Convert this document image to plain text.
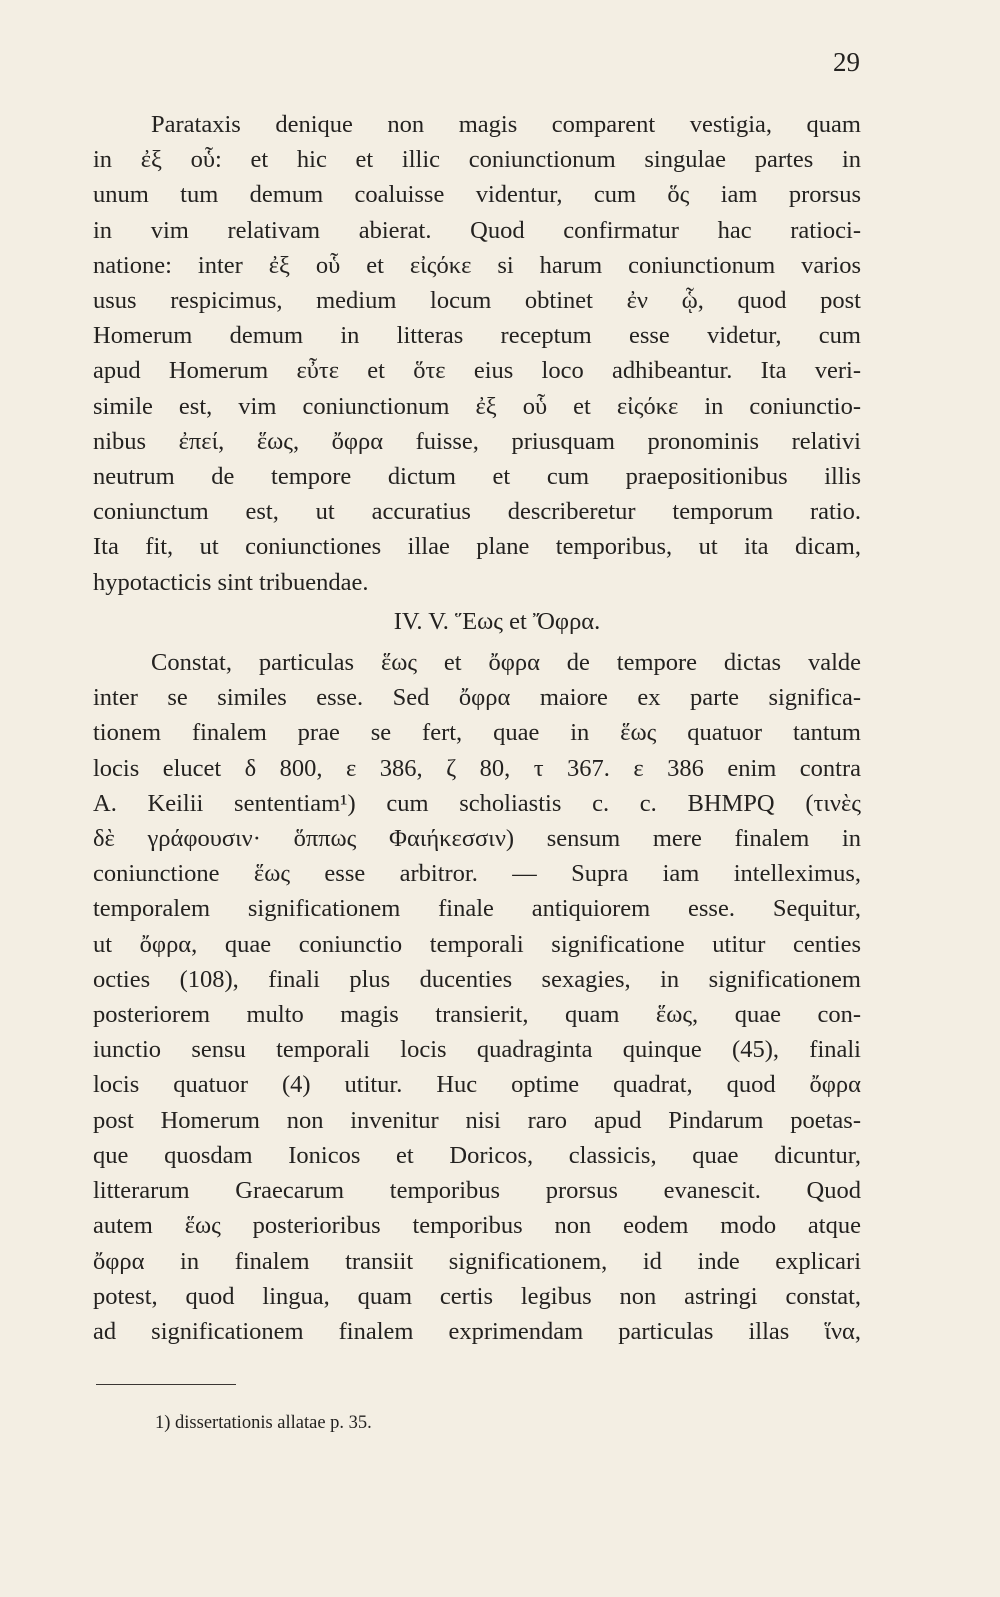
29
Parataxis denique non magis comparent vestigia, quam
in ἐξ οὗ: et hic et illic coniunctionum singulae partes in
unum tum demum coaluisse videntur, cum ὅς iam prorsus
in vim relativam abierat. Quod confirmatur hac ratioci-
natione: inter ἐξ οὗ et εἰςόκε si harum coniunctionum varios
usus respicimus, medium locum obtinet ἐν ᾧ, quod post
Homerum demum in litteras receptum esse videtur, cum
apud Homerum εὖτε et ὅτε eius loco adhibeantur. Ita veri-
simile est, vim coniunctionum ἐξ οὗ et εἰςόκε in coniunctio-
nibus ἐπεί, ἕως, ὄφρα fuisse, priusquam pronominis relativi
neutrum de tempore dictum et cum praepositionibus illis
coniunctum est, ut accuratius describeretur temporum ratio.
Ita fit, ut coniunctiones illae plane temporibus, ut ita dicam,
hypotacticis sint tribuendae.
IV. V. Ἕως et Ὄφρα.
Constat, particulas ἕως et ὄφρα de tempore dictas valde
inter se similes esse. Sed ὄφρα maiore ex parte significa-
tionem finalem prae se fert, quae in ἕως quatuor tantum
locis elucet δ 800, ε 386, ζ 80, τ 367. ε 386 enim contra
A. Keilii sententiam¹) cum scholiastis c. c. BHMPQ (τινὲς
δὲ γράφουσιν· ὅππως Φαιήκεσσιν) sensum mere finalem in
coniunctione ἕως esse arbitror. — Supra iam intelleximus,
temporalem significationem finale antiquiorem esse. Sequitur,
ut ὄφρα, quae coniunctio temporali significatione utitur centies
octies (108), finali plus ducenties sexagies, in significationem
posteriorem multo magis transierit, quam ἕως, quae con-
iunctio sensu temporali locis quadraginta quinque (45), finali
locis quatuor (4) utitur. Huc optime quadrat, quod ὄφρα
post Homerum non invenitur nisi raro apud Pindarum poetas-
que quosdam Ionicos et Doricos, classicis, quae dicuntur,
litterarum Graecarum temporibus prorsus evanescit. Quod
autem ἕως posterioribus temporibus non eodem modo atque
ὄφρα in finalem transiit significationem, id inde explicari
potest, quod lingua, quam certis legibus non astringi constat,
ad significationem finalem exprimendam particulas illas ἵνα,
1) dissertationis allatae p. 35.
